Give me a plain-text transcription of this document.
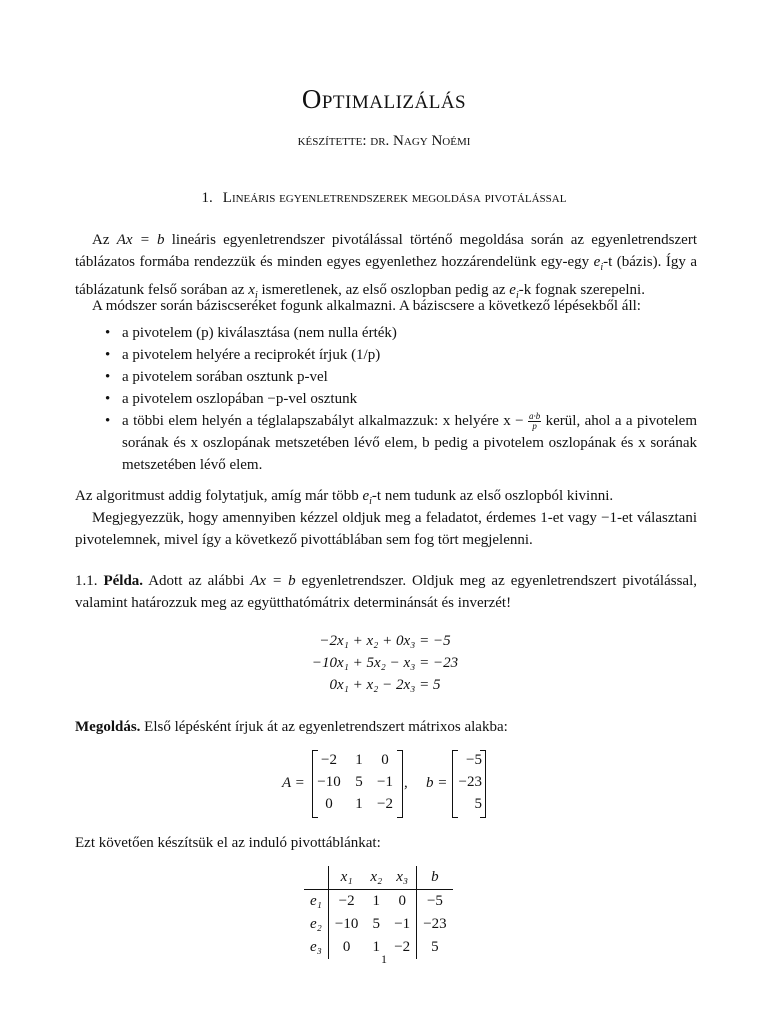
Optimalizálás
készítette: dr. Nagy Noémi
1. Lineáris egyenletrendszerek megoldása pivotálással
Az Ax = b lineáris egyenletrendszer pivotálással történő megoldása során az egyenletrendszert táblázatos formába rendezzük és minden egyes egyenlethez hozzárendelünk egy-egy $e_i-t$ (bázis). Így a táblázatunk felső sorában az $x_i$ ismeretlenek, az első oszlopban pedig az $e_i-k$ fognak szerepelni.
A módszer során báziscseréket fogunk alkalmazni. A báziscsere a következő lépésekből áll:
• a pivotelem (p) kiválasztása (nem nulla érték)
• a pivotelem helyére a reciprokét írjuk (1/p)
• a pivotelem sorában osztunk p-vel
• a pivotelem oszlopában −p-vel osztunk
• a többi elem helyén a téglalapszabályt alkalmazzuk: x helyére $x - \frac{a\cdot b}{p}$ kerül, ahol a a pivotelem sorának és x oszlopának metszetében lévő elem, b pedig a pivotelem oszlopának és x sorának metszetében lévő elem.
Az algoritmust addig folytatjuk, amíg már több $e_i-t$ nem tudunk az első oszlopból kivinni.
Megjegyezzük, hogy amennyiben kézzel oldjuk meg a feladatot, érdemes 1-et vagy −1-et választani pivotelemnek, mivel így a következő pivottáblában sem fog tört megjelenni.
1.1. Példa. Adott az alábbi Ax = b egyenletrendszer. Oldjuk meg az egyenletrendszert pivotálással, valamint határozzuk meg az együtthatómátrix determinánsát és inverzét!
−2x₁ + x₂ + 0x₃ = −5
−10x₁ + 5x₂ − x₃ = −23
0x₁ + x₂ − 2x₃ = 5
Megoldás. Első lépésként írjuk át az egyenletrendszert mátrixos alakba:
A =
−2	1	0
−10 5 −1
0	1 −2
, b =
−5
−23
5
Ezt követően készítsük el az induló pivottáblánkat:
	x₁	x₂	x₃	b
e₁	−2	1	0	−5
e₂	−10	5	−1	−23
e₃	0	1	−2	5
1
